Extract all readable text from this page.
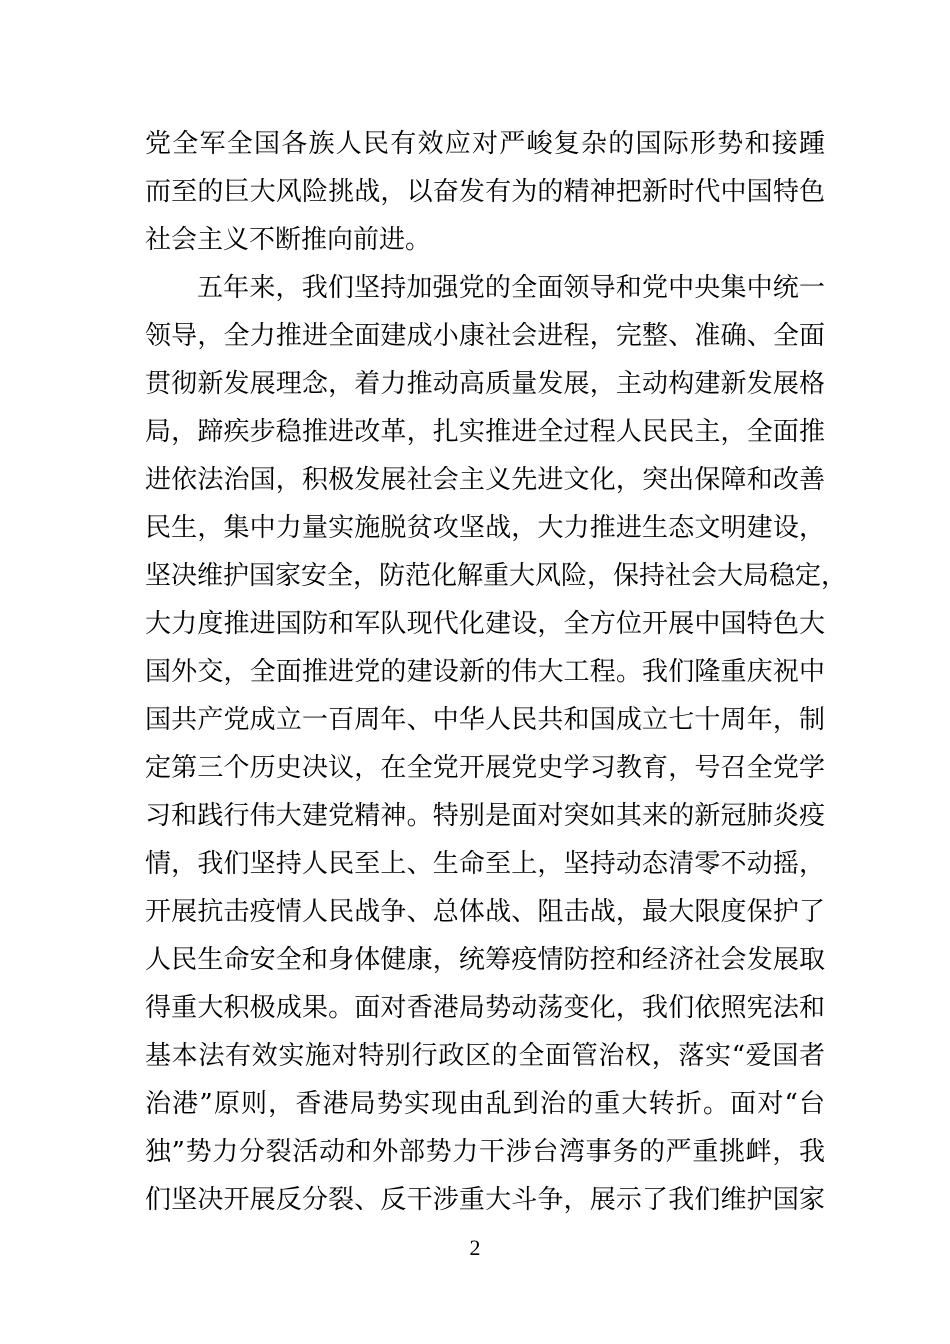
党全军全国各族人民有效应对严峻复杂的国际形势和接踵
而至的巨大风险挑战，以奋发有为的精神把新时代中国特色
社会主义不断推向前进。
五年来，我们坚持加强党的全面领导和党中央集中统一
领导，全力推进全面建成小康社会进程，完整、准确、全面
贯彻新发展理念，着力推动高质量发展，主动构建新发展格
局，蹄疾步稳推进改革，扎实推进全过程人民民主，全面推
进依法治国，积极发展社会主义先进文化，突出保障和改善
民生，集中力量实施脱贫攻坚战，大力推进生态文明建设，
坚决维护国家安全，防范化解重大风险，保持社会大局稳定，
大力度推进国防和军队现代化建设，全方位开展中国特色大
国外交，全面推进党的建设新的伟大工程。我们隆重庆祝中
国共产党成立一百周年、中华人民共和国成立七十周年，制
定第三个历史决议，在全党开展党史学习教育，号召全党学
习和践行伟大建党精神。特别是面对突如其来的新冠肺炎疫
情，我们坚持人民至上、生命至上，坚持动态清零不动摇，
开展抗击疫情人民战争、总体战、阻击战，最大限度保护了
人民生命安全和身体健康，统筹疫情防控和经济社会发展取
得重大积极成果。面对香港局势动荡变化，我们依照宪法和
基本法有效实施对特别行政区的全面管治权，落实“爱国者
治港”原则，香港局势实现由乱到治的重大转折。面对“台
独”势力分裂活动和外部势力干涉台湾事务的严重挑衅，我
们坚决开展反分裂、反干涉重大斗争，展示了我们维护国家
2
